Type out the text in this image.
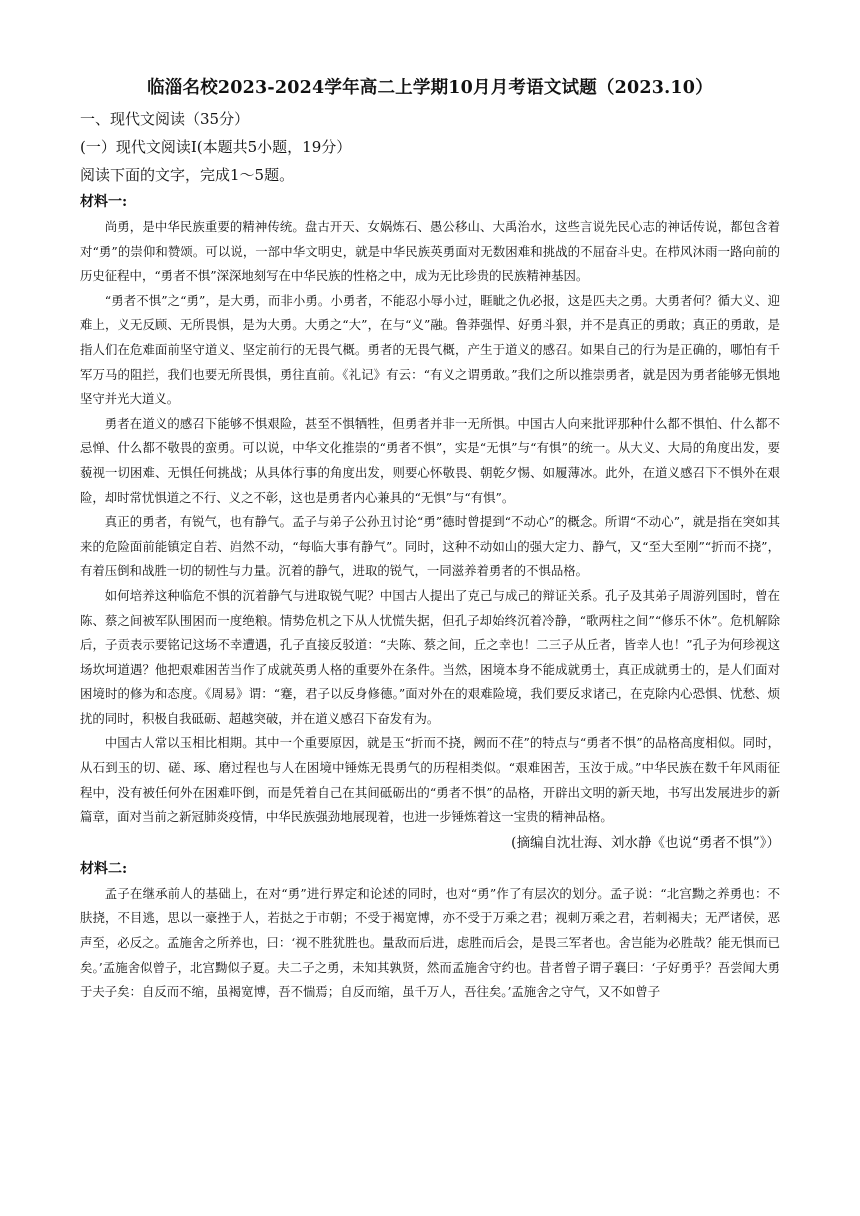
临淄名校2023-2024学年高二上学期10月月考语文试题（2023.10）

一、现代文阅读（35分）

(一）现代文阅读Ⅰ(本题共5小题，19分）

阅读下面的文字，完成1～5题。

材料一:

尚勇，是中华民族重要的精神传统。盘古开天、女娲炼石、愚公移山、大禹治水，这些言说先民心志的神话传说，都包含着对“勇”的崇仰和赞颂。可以说，一部中华文明史，就是中华民族英勇面对无数困难和挑战的不屈奋斗史。在栉风沐雨一路向前的历史征程中，“勇者不惧”深深地刻写在中华民族的性格之中，成为无比珍贵的民族精神基因。

“勇者不惧”之“勇”，是大勇，而非小勇。小勇者，不能忍小辱小过，睚眦之仇必报，这是匹夫之勇。大勇者何？循大义、迎难上，义无反顾、无所畏惧，是为大勇。大勇之“大”，在与“义”融。鲁莽强悍、好勇斗狠，并不是真正的勇敢；真正的勇敢，是指人们在危难面前坚守道义、坚定前行的无畏气概。勇者的无畏气概，产生于道义的感召。如果自己的行为是正确的，哪怕有千军万马的阻拦，我们也要无所畏惧，勇往直前。《礼记》有云：“有义之谓勇敢。”我们之所以推崇勇者，就是因为勇者能够无惧地坚守并光大道义。

勇者在道义的感召下能够不惧艰险，甚至不惧牺牲，但勇者并非一无所惧。中国古人向来批评那种什么都不惧怕、什么都不忌惮、什么都不敬畏的蛮勇。可以说，中华文化推崇的“勇者不惧”，实是“无惧”与“有惧”的统一。从大义、大局的角度出发，要藐视一切困难、无惧任何挑战；从具体行事的角度出发，则要心怀敬畏、朝乾夕惕、如履薄冰。此外，在道义感召下不惧外在艰险，却时常忧惧道之不行、义之不彰，这也是勇者内心兼具的“无惧”与“有惧”。

真正的勇者，有锐气，也有静气。孟子与弟子公孙丑讨论“勇”德时曾提到“不动心”的概念。所谓“不动心”，就是指在突如其来的危险面前能镇定自若、岿然不动，“每临大事有静气”。同时，这种不动如山的强大定力、静气，又“至大至刚”“折而不挠”，有着压倒和战胜一切的韧性与力量。沉着的静气，进取的锐气，一同滋养着勇者的不惧品格。

如何培养这种临危不惧的沉着静气与进取锐气呢？中国古人提出了克己与成己的辩证关系。孔子及其弟子周游列国时，曾在陈、蔡之间被军队围困而一度绝粮。情势危机之下从人忧慌失据，但孔子却始终沉着冷静，“歌两柱之间”“修乐不休”。危机解除后，子贡表示要铭记这场不幸遭遇，孔子直接反驳道：“夫陈、蔡之间，丘之幸也！二三子从丘者，皆幸人也！”孔子为何珍视这场坎坷道遇？他把艰难困苦当作了成就英勇人格的重要外在条件。当然，困境本身不能成就勇士，真正成就勇士的，是人们面对困境时的修为和态度。《周易》谓：“蹇，君子以反身修德。”面对外在的艰难险境，我们要反求诸己，在克除内心恐惧、忧愁、烦扰的同时，积极自我砥砺、超越突破，并在道义感召下奋发有为。

中国古人常以玉相比相期。其中一个重要原因，就是玉“折而不挠，阙而不荏”的特点与“勇者不惧”的品格高度相似。同时，从石到玉的切、磋、琢、磨过程也与人在困境中锤炼无畏勇气的历程相类似。“艰难困苦，玉汝于成。”中华民族在数千年风雨征程中，没有被任何外在困难吓倒，而是凭着自己在其间砥砺出的“勇者不惧”的品格，开辟出文明的新天地，书写出发展进步的新篇章，面对当前之新冠肺炎疫情，中华民族强劲地展现着，也进一步锤炼着这一宝贵的精神品格。

(摘编自沈壮海、刘水静《也说“勇者不惧”》）

材料二:

孟子在继承前人的基础上，在对“勇”进行界定和论述的同时，也对“勇”作了有层次的划分。孟子说：“北宫黝之养勇也：不肤挠，不目逃，思以一豪挫于人，若挞之于市朝；不受于褐宽博，亦不受于万乘之君；视刺万乘之君，若刺褐夫；无严诸侯，恶声至，必反之。孟施舍之所养也，曰：‘视不胜犹胜也。量敌而后进，虑胜而后会，是畏三军者也。舍岂能为必胜哉？能无惧而已矣。’孟施舍似曾子，北宫黝似子夏。夫二子之勇，未知其孰贤，然而孟施舍守约也。昔者曾子谓子襄曰：‘子好勇乎？吾尝闻大勇于夫子矣：自反而不缩，虽褐宽博，吾不惴焉；自反而缩，虽千万人，吾往矣。’孟施舍之守气，又不如曾子
